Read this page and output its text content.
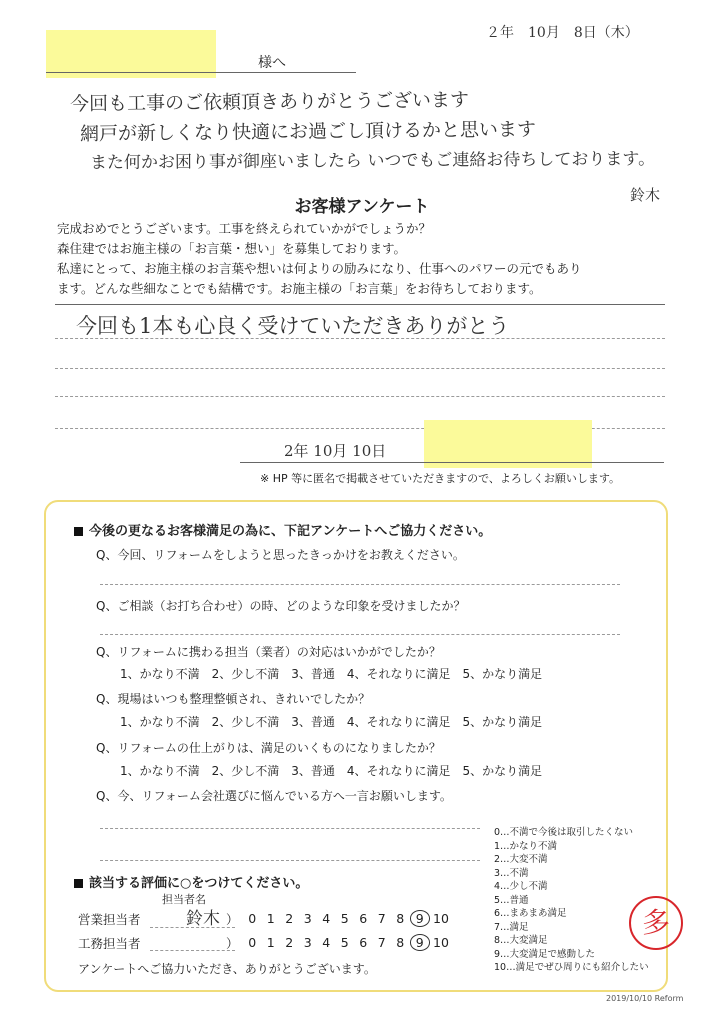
２年　10月　8日（木）
様へ
今回も工事のご依頼頂きありがとうございます
網戸が新しくなり快適にお過ごし頂けるかと思います
また何かお困り事が御座いましたら いつでもご連絡お待ちしております。
鈴木
お客様アンケート
完成おめでとうございます。工事を終えられていかがでしょうか？
森住建ではお施主様の「お言葉・想い」を募集しております。
私達にとって、お施主様のお言葉や想いは何よりの励みになり、仕事へのパワーの元でもあり
ます。どんな些細なことでも結構です。お施主様の「お言葉」をお待ちしております。
今回も1本も心良く受けていただきありがとう
2年 10月 10日
※ HP 等に匿名で掲載させていただきますので、よろしくお願いします。
今後の更なるお客様満足の為に、下記アンケートへご協力ください。
Q、今回、リフォームをしようと思ったきっかけをお教えください。
Q、ご相談（お打ち合わせ）の時、どのような印象を受けましたか？
Q、リフォームに携わる担当（業者）の対応はいかがでしたか？
1、かなり不満　2、少し不満　3、普通　4、それなりに満足　5、かなり満足
Q、現場はいつも整理整頓され、きれいでしたか？
1、かなり不満　2、少し不満　3、普通　4、それなりに満足　5、かなり満足
Q、リフォームの仕上がりは、満足のいくものになりましたか？
1、かなり不満　2、少し不満　3、普通　4、それなりに満足　5、かなり満足
Q、今、リフォーム会社選びに悩んでいる方へ一言お願いします。
0…不満で今後は取引したくない
1…かなり不満
2…大変不満
3…不満
4…少し不満
5…普通
6…まあまあ満足
7…満足
8…大変満足
9…大変満足で感動した
10…満足でぜひ周りにも紹介したい
該当する評価に○をつけてください。
担当者名
営業担当者	鈴木 ） 0 1 2 3 4 5 6 7 8 9 10
工務担当者	） 0 1 2 3 4 5 6 7 8 9 10
アンケートへご協力いただき、ありがとうございます。
多
2019/10/10 Reform
